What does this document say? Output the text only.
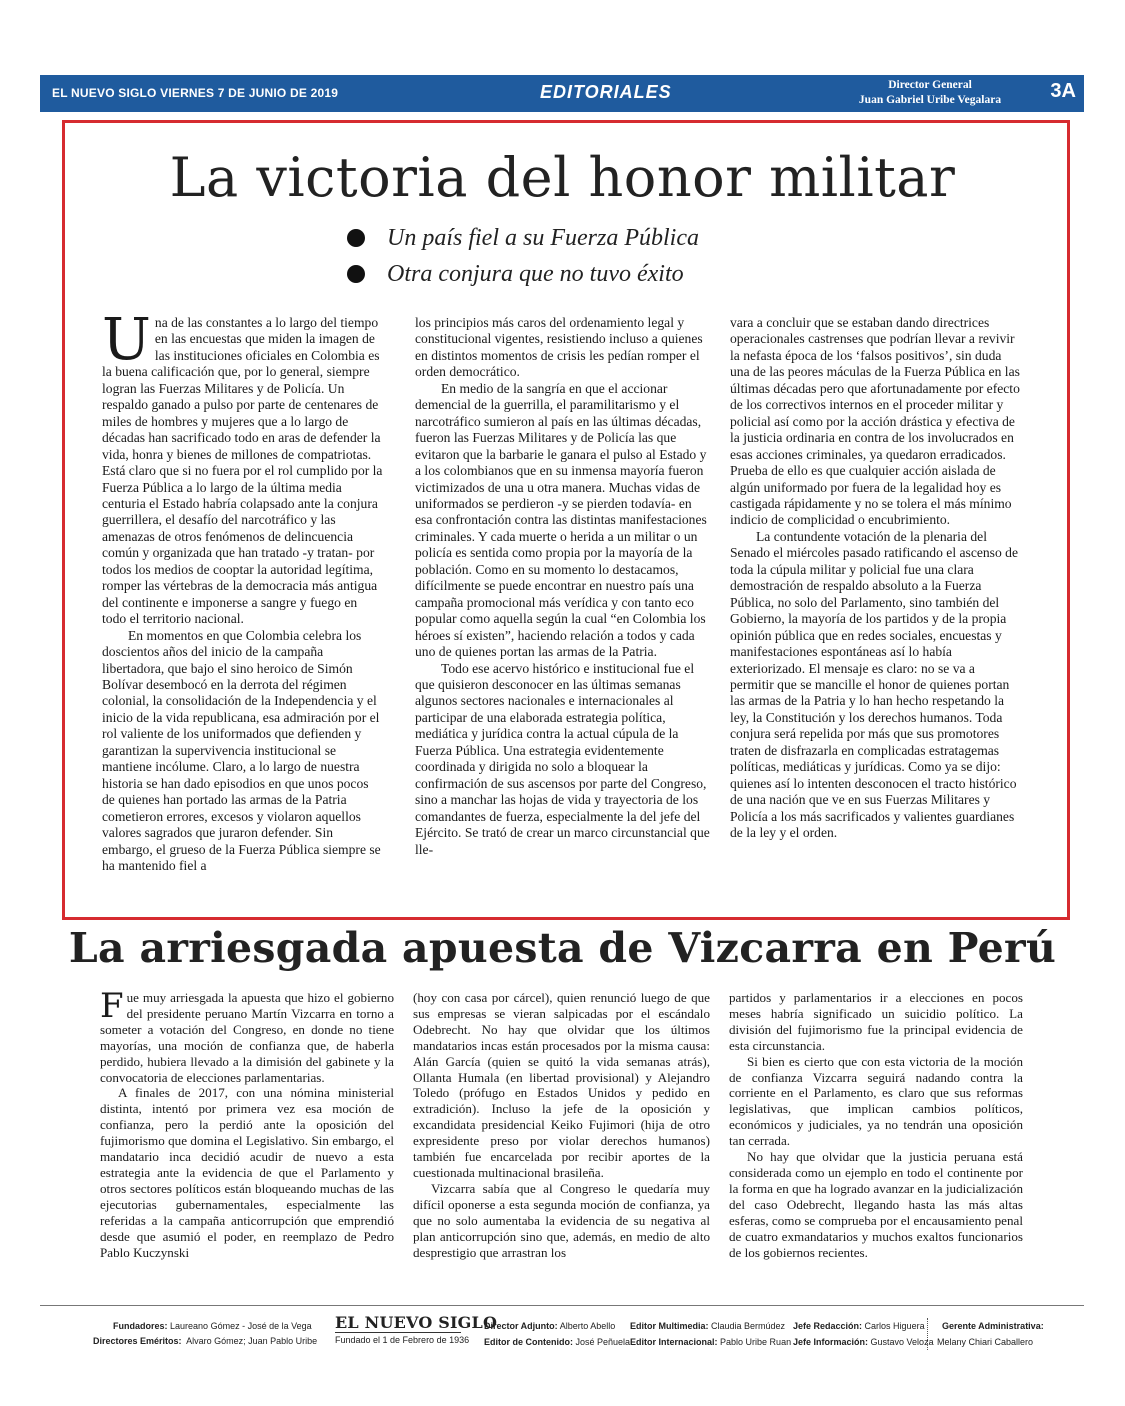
EL NUEVO SIGLO VIERNES 7 DE JUNIO DE 2019	EDITORIALES	Director General
Juan Gabriel Uribe Vegalara	3A
La victoria del honor militar
Un país fiel a su Fuerza Pública
Otra conjura que no tuvo éxito

Una de las constantes a lo largo del tiempo en las encuestas que miden la imagen de las instituciones oficiales en Colombia es la buena calificación que, por lo general, siempre logran las Fuerzas Militares y de Policía. Un respaldo ganado a pulso por parte de centenares de miles de hombres y mujeres que a lo largo de décadas han sacrificado todo en aras de defender la vida, honra y bienes de millones de compatriotas. Está claro que si no fuera por el rol cumplido por la Fuerza Pública a lo largo de la última media centuria el Estado habría colapsado ante la conjura guerrillera, el desafío del narcotráfico y las amenazas de otros fenómenos de delincuencia común y organizada que han tratado -y tratan- por todos los medios de cooptar la autoridad legítima, romper las vértebras de la democracia más antigua del continente e imponerse a sangre y fuego en todo el territorio nacional.

En momentos en que Colombia celebra los doscientos años del inicio de la campaña libertadora, que bajo el sino heroico de Simón Bolívar desembocó en la derrota del régimen colonial, la consolidación de la Independencia y el inicio de la vida republicana, esa admiración por el rol valiente de los uniformados que defienden y garantizan la supervivencia institucional se mantiene incólume. Claro, a lo largo de nuestra historia se han dado episodios en que unos pocos de quienes han portado las armas de la Patria cometieron errores, excesos y violaron aquellos valores sagrados que juraron defender. Sin embargo, el grueso de la Fuerza Pública siempre se ha mantenido fiel a

los principios más caros del ordenamiento legal y constitucional vigentes, resistiendo incluso a quienes en distintos momentos de crisis les pedían romper el orden democrático.

En medio de la sangría en que el accionar demencial de la guerrilla, el paramilitarismo y el narcotráfico sumieron al país en las últimas décadas, fueron las Fuerzas Militares y de Policía las que evitaron que la barbarie le ganara el pulso al Estado y a los colombianos que en su inmensa mayoría fueron victimizados de una u otra manera. Muchas vidas de uniformados se perdieron -y se pierden todavía- en esa confrontación contra las distintas manifestaciones criminales. Y cada muerte o herida a un militar o un policía es sentida como propia por la mayoría de la población. Como en su momento lo destacamos, difícilmente se puede encontrar en nuestro país una campaña promocional más verídica y con tanto eco popular como aquella según la cual “en Colombia los héroes sí existen”, haciendo relación a todos y cada uno de quienes portan las armas de la Patria.

Todo ese acervo histórico e institucional fue el que quisieron desconocer en las últimas semanas algunos sectores nacionales e internacionales al participar de una elaborada estrategia política, mediática y jurídica contra la actual cúpula de la Fuerza Pública. Una estrategia evidentemente coordinada y dirigida no solo a bloquear la confirmación de sus ascensos por parte del Congreso, sino a manchar las hojas de vida y trayectoria de los comandantes de fuerza, especialmente la del jefe del Ejército. Se trató de crear un marco circunstancial que lle-

vara a concluir que se estaban dando directrices operacionales castrenses que podrían llevar a revivir la nefasta época de los ‘falsos positivos’, sin duda una de las peores máculas de la Fuerza Pública en las últimas décadas pero que afortunadamente por efecto de los correctivos internos en el proceder militar y policial así como por la acción drástica y efectiva de la justicia ordinaria en contra de los involucrados en esas acciones criminales, ya quedaron erradicados. Prueba de ello es que cualquier acción aislada de algún uniformado por fuera de la legalidad hoy es castigada rápidamente y no se tolera el más mínimo indicio de complicidad o encubrimiento.

La contundente votación de la plenaria del Senado el miércoles pasado ratificando el ascenso de toda la cúpula militar y policial fue una clara demostración de respaldo absoluto a la Fuerza Pública, no solo del Parlamento, sino también del Gobierno, la mayoría de los partidos y de la propia opinión pública que en redes sociales, encuestas y manifestaciones espontáneas así lo había exteriorizado. El mensaje es claro: no se va a permitir que se mancille el honor de quienes portan las armas de la Patria y lo han hecho respetando la ley, la Constitución y los derechos humanos. Toda conjura será repelida por más que sus promotores traten de disfrazarla en complicadas estratagemas políticas, mediáticas y jurídicas. Como ya se dijo: quienes así lo intenten desconocen el tracto histórico de una nación que ve en sus Fuerzas Militares y Policía a los más sacrificados y valientes guardianes de la ley y el orden.

La arriesgada apuesta de Vizcarra en Perú

Fue muy arriesgada la apuesta que hizo el gobierno del presidente peruano Martín Vizcarra en torno a someter a votación del Congreso, en donde no tiene mayorías, una moción de confianza que, de haberla perdido, hubiera llevado a la dimisión del gabinete y la convocatoria de elecciones parlamentarias.

A finales de 2017, con una nómina ministerial distinta, intentó por primera vez esa moción de confianza, pero la perdió ante la oposición del fujimorismo que domina el Legislativo. Sin embargo, el mandatario inca decidió acudir de nuevo a esta estrategia ante la evidencia de que el Parlamento y otros sectores políticos están bloqueando muchas de las ejecutorias gubernamentales, especialmente las referidas a la campaña anticorrupción que emprendió desde que asumió el poder, en reemplazo de Pedro Pablo Kuczynski

(hoy con casa por cárcel), quien renunció luego de que sus empresas se vieran salpicadas por el escándalo Odebrecht. No hay que olvidar que los últimos mandatarios incas están procesados por la misma causa: Alán García (quien se quitó la vida semanas atrás), Ollanta Humala (en libertad provisional) y Alejandro Toledo (prófugo en Estados Unidos y pedido en extradición). Incluso la jefe de la oposición y excandidata presidencial Keiko Fujimori (hija de otro expresidente preso por violar derechos humanos) también fue encarcelada por recibir aportes de la cuestionada multinacional brasileña.

Vizcarra sabía que al Congreso le quedaría muy difícil oponerse a esta segunda moción de confianza, ya que no solo aumentaba la evidencia de su negativa al plan anticorrupción sino que, además, en medio de alto desprestigio que arrastran los

partidos y parlamentarios ir a elecciones en pocos meses habría significado un suicidio político. La división del fujimorismo fue la principal evidencia de esta circunstancia.

Si bien es cierto que con esta victoria de la moción de confianza Vizcarra seguirá nadando contra la corriente en el Parlamento, es claro que sus reformas legislativas, que implican cambios políticos, económicos y judiciales, ya no tendrán una oposición tan cerrada.

No hay que olvidar que la justicia peruana está considerada como un ejemplo en todo el continente por la forma en que ha logrado avanzar en la judicialización del caso Odebrecht, llegando hasta las más altas esferas, como se comprueba por el encausamiento penal de cuatro exmandatarios y muchos exaltos funcionarios de los gobiernos recientes.

Fundadores: Laureano Gómez - José de la Vega
Directores Eméritos: Alvaro Gómez; Juan Pablo Uribe
EL NUEVO SIGLO
Fundado el 1 de Febrero de 1936
Director Adjunto: Alberto Abello
Editor de Contenido: José Peñuela
Editor Multimedia: Claudia Bermúdez
Editor Internacional: Pablo Uribe Ruan
Jefe Redacción: Carlos Higuera
Jefe Información: Gustavo Veloza
Gerente Administrativa:
Melany Chiari Caballero
